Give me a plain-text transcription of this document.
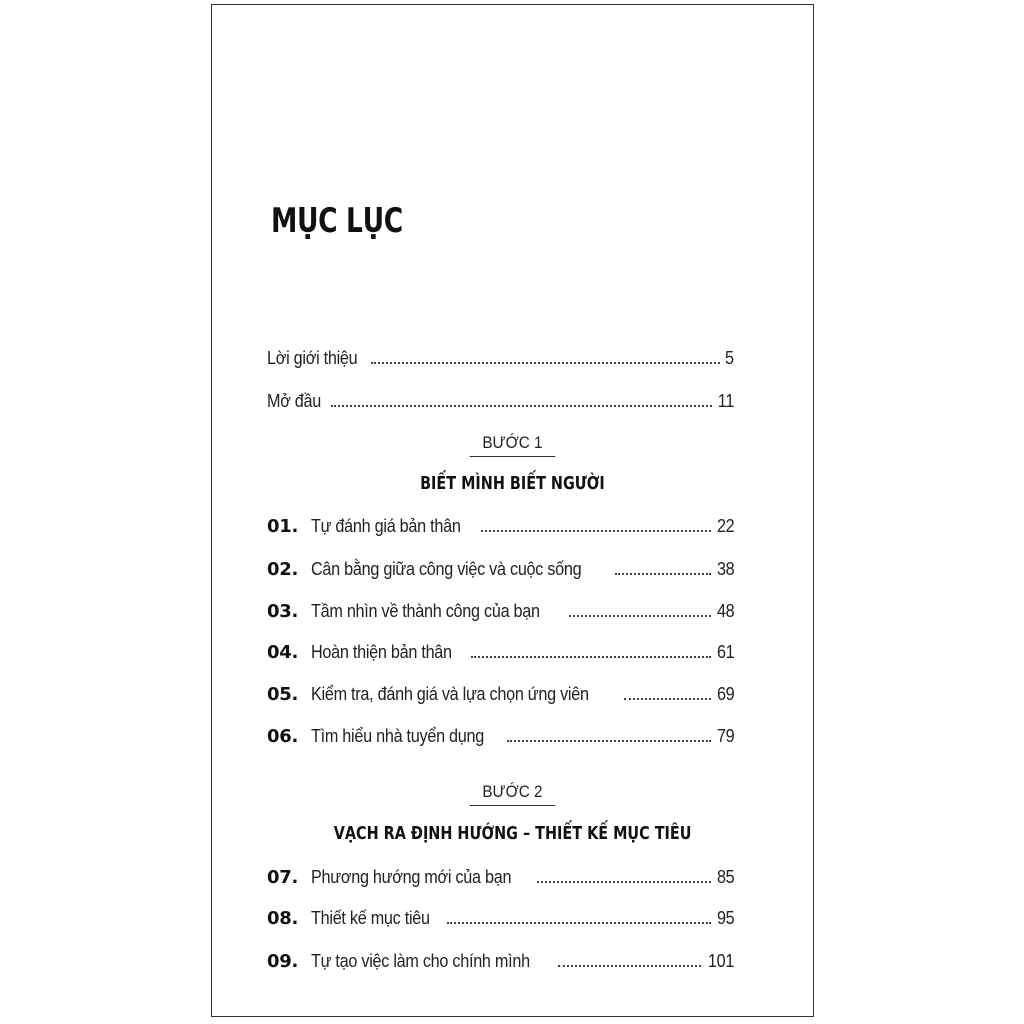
MỤC LỤC
Lời giới thiệu	5
Mở đầu	11
BƯỚC 1
BIẾT MÌNH BIẾT NGƯỜI
01. Tự đánh giá bản thân	22
02. Cân bằng giữa công việc và cuộc sống	38
03. Tầm nhìn về thành công của bạn	48
04. Hoàn thiện bản thân	61
05. Kiểm tra, đánh giá và lựa chọn ứng viên	69
06. Tìm hiểu nhà tuyển dụng	79
BƯỚC 2
VẠCH RA ĐỊNH HƯỚNG – THIẾT KẾ MỤC TIÊU
07. Phương hướng mới của bạn	85
08. Thiết kế mục tiêu	95
09. Tự tạo việc làm cho chính mình	101
